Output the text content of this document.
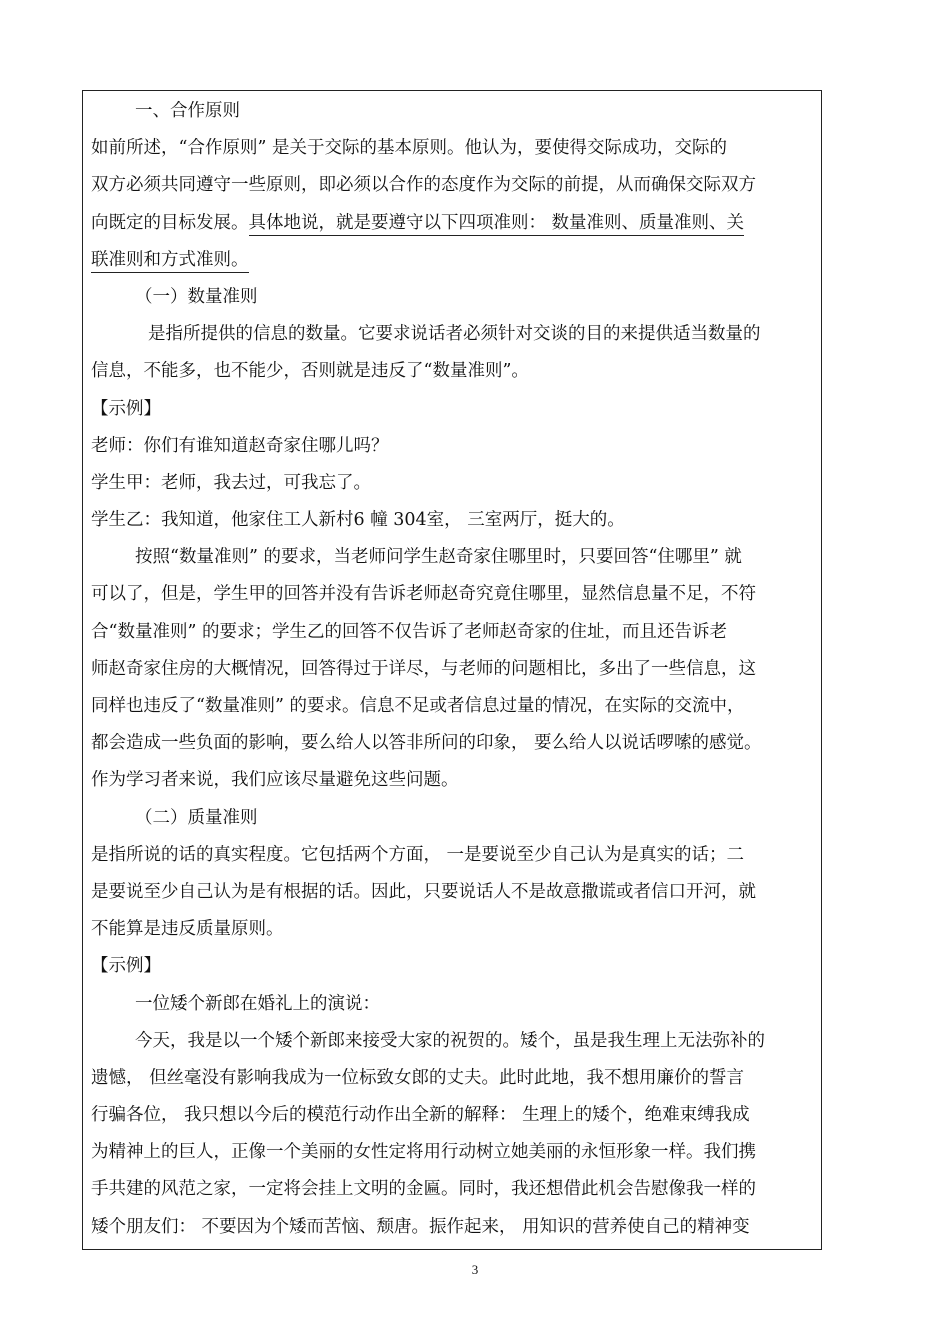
一、合作原则
如前所述，“合作原则” 是关于交际的基本原则。他认为，要使得交际成功，交际的
双方必须共同遵守一些原则，即必须以合作的态度作为交际的前提，从而确保交际双方
向既定的目标发展。具体地说，就是要遵守以下四项准则： 数量准则、质量准则、关
联准则和方式准则。
（一）数量准则
是指所提供的信息的数量。它要求说话者必须针对交谈的目的来提供适当数量的
信息，不能多，也不能少，否则就是违反了“数量准则”。
【示例】
老师：你们有谁知道赵奇家住哪儿吗？
学生甲：老师，我去过，可我忘了。
学生乙：我知道，他家住工人新村6 幢 304室， 三室两厅，挺大的。
按照“数量准则” 的要求，当老师问学生赵奇家住哪里时，只要回答“住哪里” 就
可以了，但是，学生甲的回答并没有告诉老师赵奇究竟住哪里，显然信息量不足，不符
合“数量准则” 的要求；学生乙的回答不仅告诉了老师赵奇家的住址，而且还告诉老
师赵奇家住房的大概情况，回答得过于详尽，与老师的问题相比，多出了一些信息，这
同样也违反了“数量准则” 的要求。信息不足或者信息过量的情况，在实际的交流中，
都会造成一些负面的影响，要么给人以答非所问的印象， 要么给人以说话啰嗦的感觉。
作为学习者来说，我们应该尽量避免这些问题。
（二）质量准则
是指所说的话的真实程度。它包括两个方面， 一是要说至少自己认为是真实的话；二
是要说至少自己认为是有根据的话。因此，只要说话人不是故意撒谎或者信口开河，就
不能算是违反质量原则。
【示例】
一位矮个新郎在婚礼上的演说：
今天，我是以一个矮个新郎来接受大家的祝贺的。矮个，虽是我生理上无法弥补的
遗憾， 但丝毫没有影响我成为一位标致女郎的丈夫。此时此地，我不想用廉价的誓言
行骗各位， 我只想以今后的模范行动作出全新的解释： 生理上的矮个，绝难束缚我成
为精神上的巨人，正像一个美丽的女性定将用行动树立她美丽的永恒形象一样。我们携
手共建的风范之家，一定将会挂上文明的金匾。同时，我还想借此机会告慰像我一样的
矮个朋友们： 不要因为个矮而苦恼、颓唐。振作起来， 用知识的营养使自己的精神变
3
